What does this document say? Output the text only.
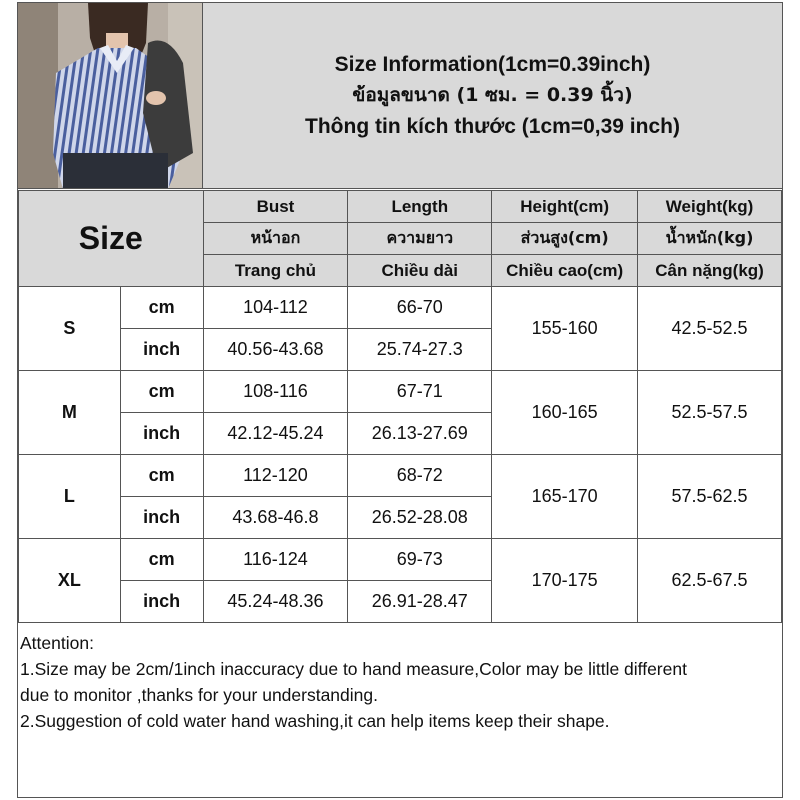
Size Information(1cm=0.39inch)
ข้อมูลขนาด (1 ซม. = 0.39 นิ้ว)
Thông tin kích thước (1cm=0,39 inch)
Size		Bust	Length	Height(cm)	Weight(kg)
		หน้าอก	ความยาว	ส่วนสูง(cm)	น้ำหนัก(kg)
		Trang chủ	Chiều dài	Chiều cao(cm)	Cân nặng(kg)
S	cm	104-112	66-70	155-160	42.5-52.5
	inch	40.56-43.68	25.74-27.3		
M	cm	108-116	67-71	160-165	52.5-57.5
	inch	42.12-45.24	26.13-27.69		
L	cm	112-120	68-72	165-170	57.5-62.5
	inch	43.68-46.8	26.52-28.08		
XL	cm	116-124	69-73	170-175	62.5-67.5
	inch	45.24-48.36	26.91-28.47		
Attention:
1.Size may be 2cm/1inch inaccuracy due to hand measure,Color may be little different
due to monitor ,thanks for your understanding.
2.Suggestion of cold water hand washing,it can help items keep their shape.
